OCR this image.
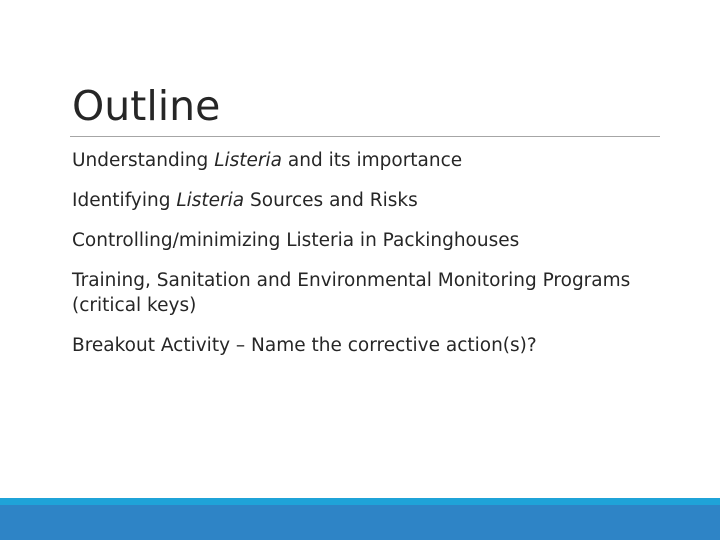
Outline
Understanding Listeria and its importance
Identifying Listeria Sources and Risks
Controlling/minimizing Listeria in Packinghouses
Training, Sanitation and Environmental Monitoring Programs (critical keys)
Breakout Activity – Name the corrective action(s)?
